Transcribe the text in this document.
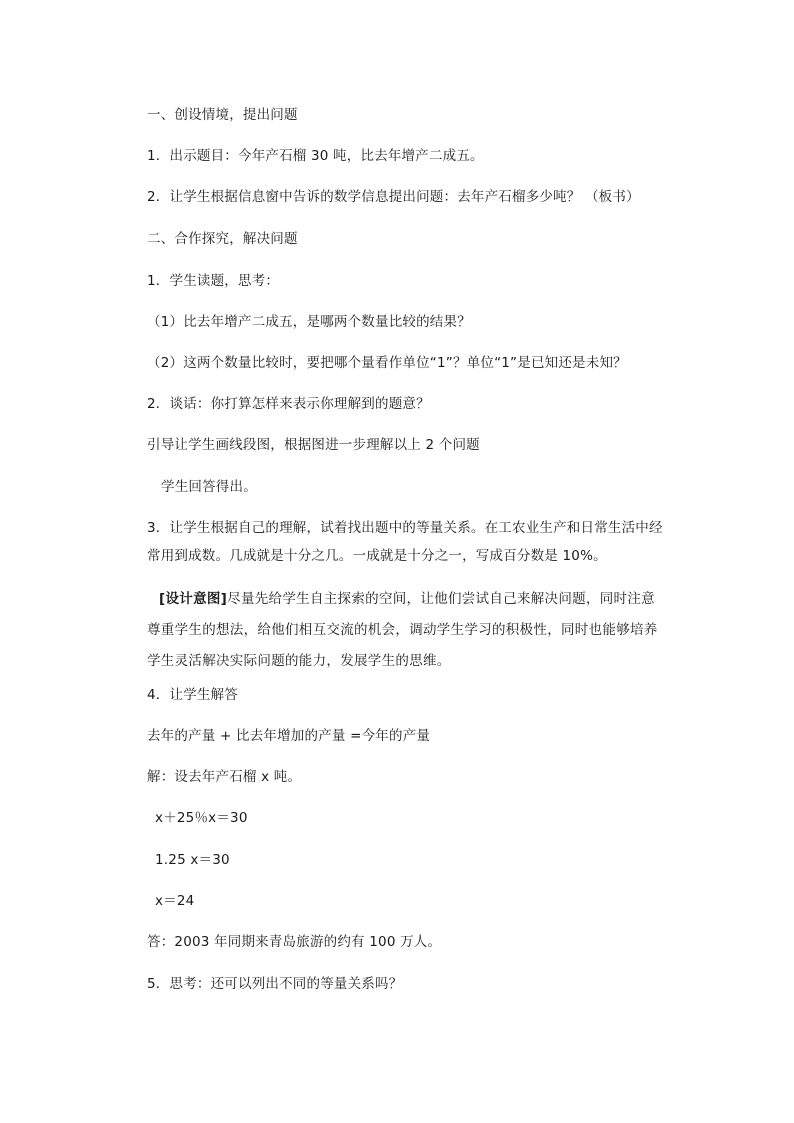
一、创设情境，提出问题
1．出示题目：今年产石榴 30 吨，比去年增产二成五。
2．让学生根据信息窗中告诉的数学信息提出问题：去年产石榴多少吨？ （板书）
二、合作探究，解决问题
1．学生读题，思考：
（1）比去年增产二成五，是哪两个数量比较的结果？
（2）这两个数量比较时，要把哪个量看作单位“1”？单位“1”是已知还是未知？
2．谈话：你打算怎样来表示你理解到的题意？
引导让学生画线段图，根据图进一步理解以上 2 个问题
学生回答得出。
3．让学生根据自己的理解，试着找出题中的等量关系。在工农业生产和日常生活中经
常用到成数。几成就是十分之几。一成就是十分之一，写成百分数是 10%。
[设计意图]尽量先给学生自主探索的空间，让他们尝试自己来解决问题，同时注意尊重学生的想法，给他们相互交流的机会，调动学生学习的积极性，同时也能够培养学生灵活解决实际问题的能力，发展学生的思维。
4．让学生解答
去年的产量 + 比去年增加的产量 =今年的产量
解：设去年产石榴 x 吨。
x＋25％x＝30
1.25 x＝30
x＝24
答：2003 年同期来青岛旅游的约有 100 万人。
5．思考：还可以列出不同的等量关系吗？
